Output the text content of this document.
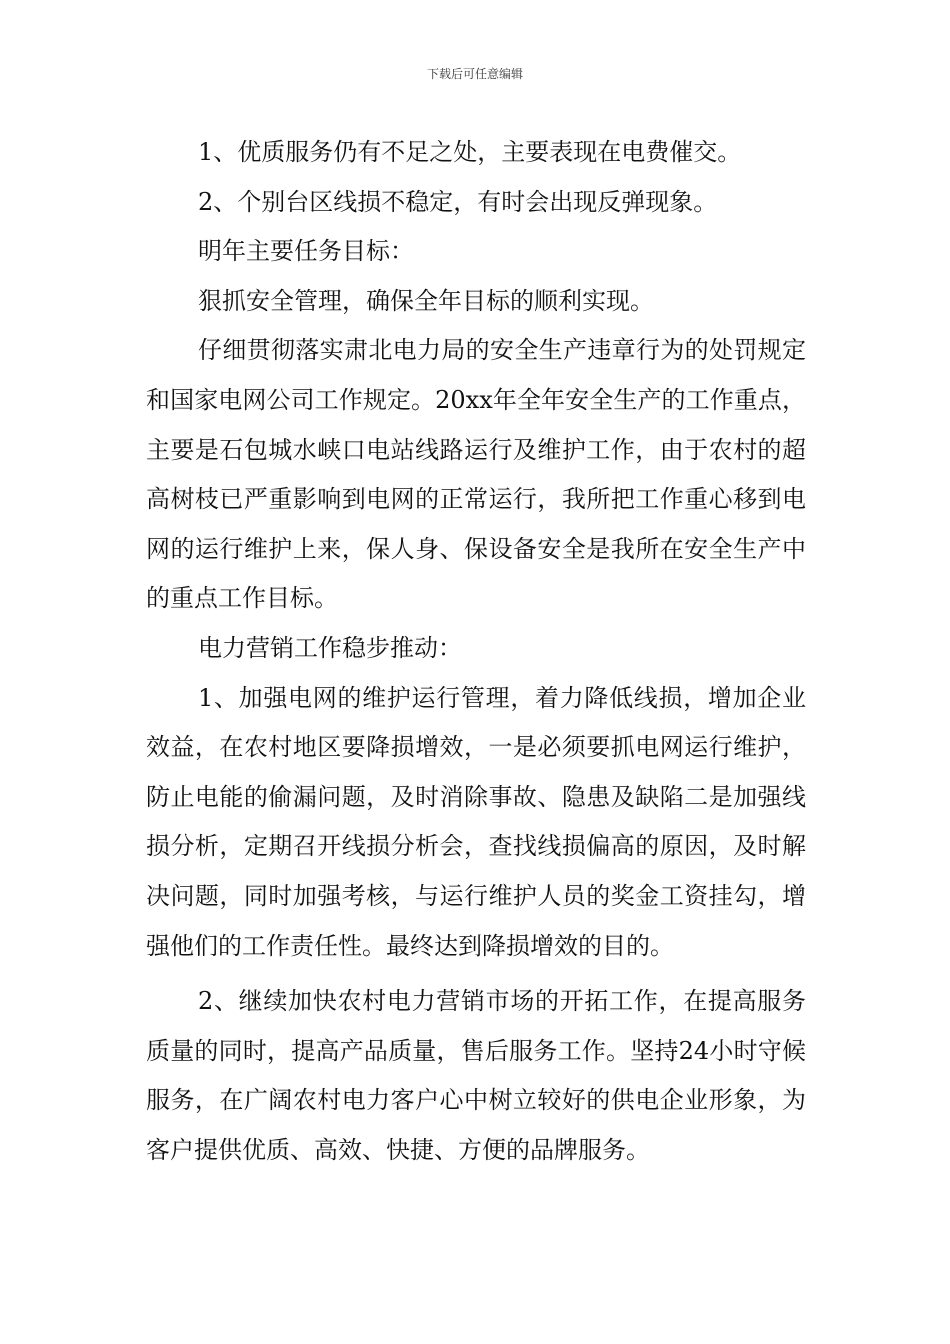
下载后可任意编辑

1、优质服务仍有不足之处，主要表现在电费催交。

2、个别台区线损不稳定，有时会出现反弹现象。

明年主要任务目标：

狠抓安全管理，确保全年目标的顺利实现。

仔细贯彻落实肃北电力局的安全生产违章行为的处罚规定和国家电网公司工作规定。20xx年全年安全生产的工作重点，主要是石包城水峡口电站线路运行及维护工作，由于农村的超高树枝已严重影响到电网的正常运行，我所把工作重心移到电网的运行维护上来，保人身、保设备安全是我所在安全生产中的重点工作目标。

电力营销工作稳步推动：

1、加强电网的维护运行管理，着力降低线损，增加企业效益，在农村地区要降损增效，一是必须要抓电网运行维护，防止电能的偷漏问题，及时消除事故、隐患及缺陷二是加强线损分析，定期召开线损分析会，查找线损偏高的原因，及时解决问题，同时加强考核，与运行维护人员的奖金工资挂勾，增强他们的工作责任性。最终达到降损增效的目的。

2、继续加快农村电力营销市场的开拓工作，在提高服务质量的同时，提高产品质量，售后服务工作。坚持24小时守候服务，在广阔农村电力客户心中树立较好的供电企业形象，为客户提供优质、高效、快捷、方便的品牌服务。
